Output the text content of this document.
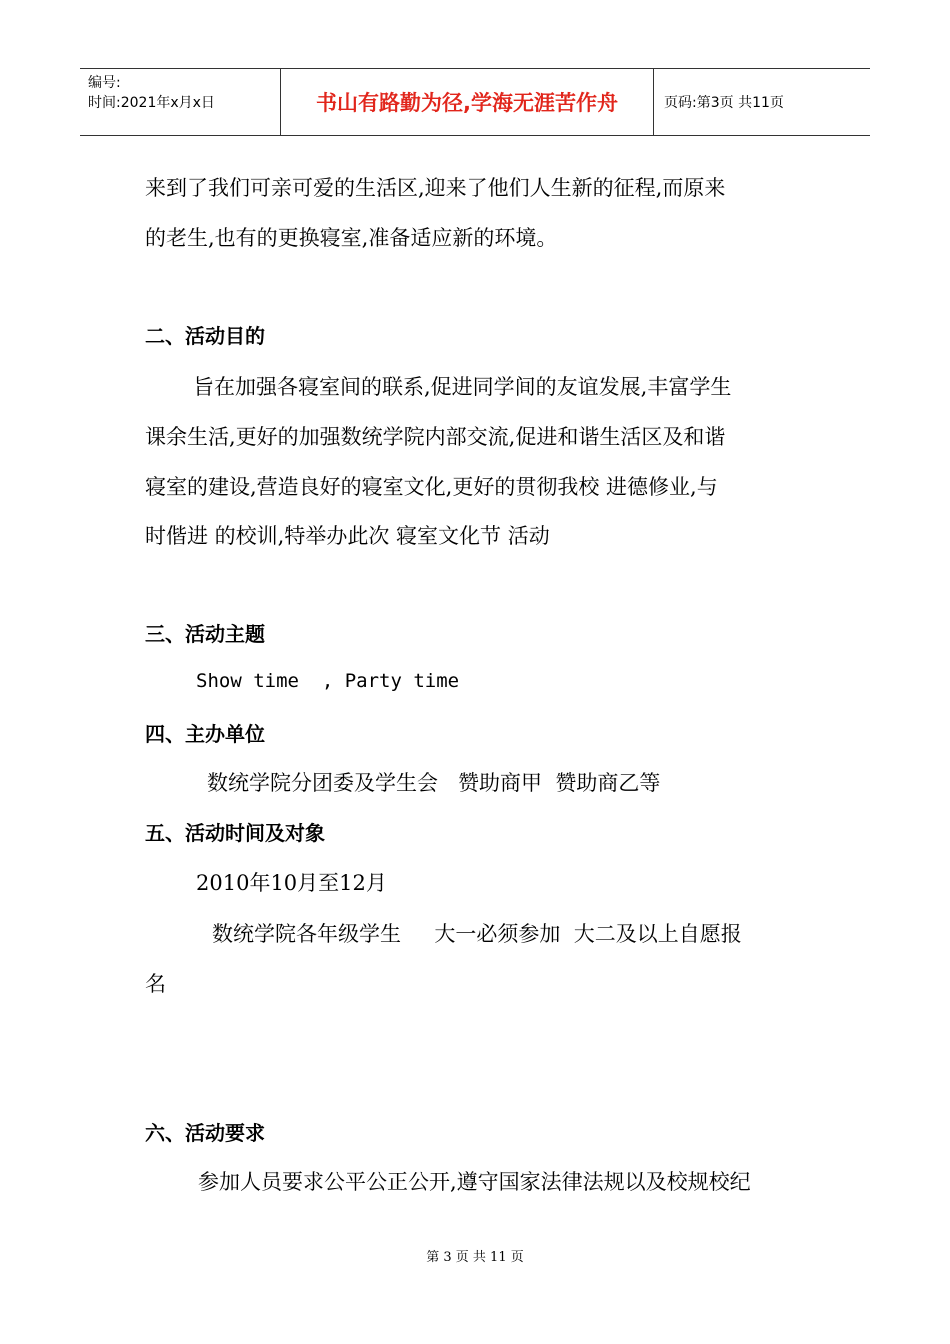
编号:
时间:2021年x月x日	书山有路勤为径,学海无涯苦作舟	页码:第3页 共11页
来到了我们可亲可爱的生活区,迎来了他们人生新的征程,而原来
的老生,也有的更换寝室,准备适应新的环境。
二、活动目的
旨在加强各寝室间的联系,促进同学间的友谊发展,丰富学生
课余生活,更好的加强数统学院内部交流,促进和谐生活区及和谐
寝室的建设,营造良好的寝室文化,更好的贯彻我校 进德修业,与
时偕进 的校训,特举办此次 寝室文化节 活动
三、活动主题
Show time  , Party time
四、主办单位
数统学院分团委及学生会   赞助商甲  赞助商乙等
五、活动时间及对象
2010年10月至12月
数统学院各年级学生     大一必须参加  大二及以上自愿报
名
六、活动要求
参加人员要求公平公正公开,遵守国家法律法规以及校规校纪
第 3 页 共 11 页
